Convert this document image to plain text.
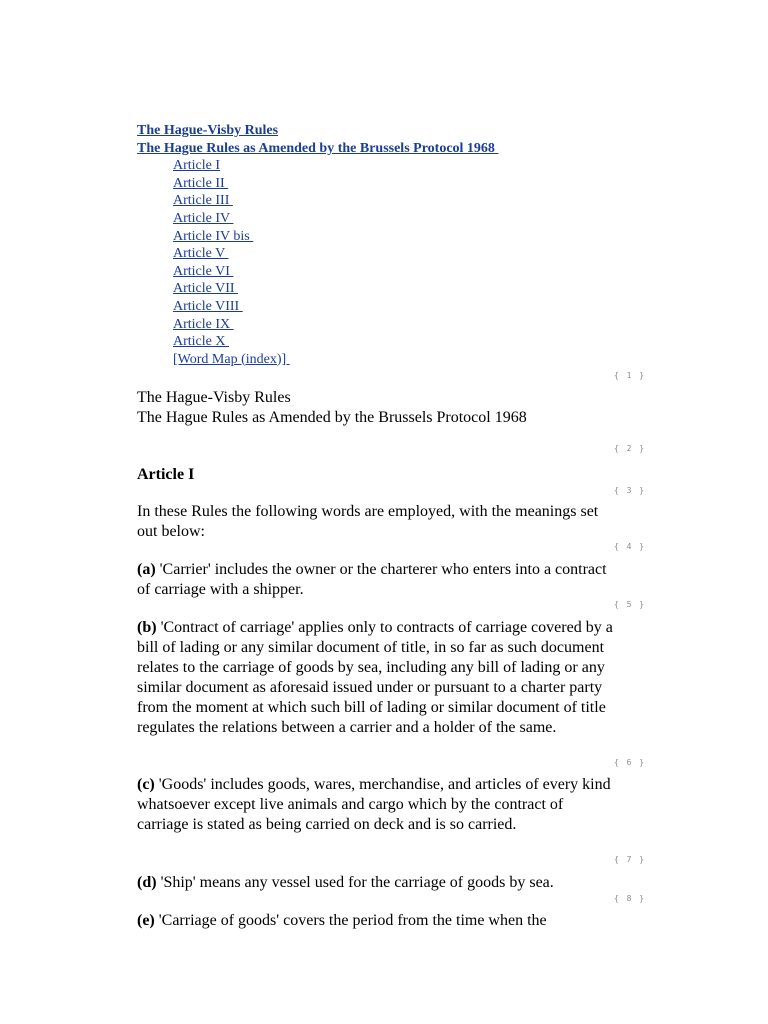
The Hague-Visby Rules
The Hague Rules as Amended by the Brussels Protocol 1968
Article I
Article II
Article III
Article IV
Article IV bis
Article V
Article VI
Article VII
Article VIII
Article IX
Article X
[Word Map (index)]
{ 1 }
{ 2 }
{ 3 }
{ 4 }
{ 5 }
{ 6 }
{ 7 }
{ 8 }
The Hague-Visby Rules
The Hague Rules as Amended by the Brussels Protocol 1968
Article I
In these Rules the following words are employed, with the meanings set out below:
(a) 'Carrier' includes the owner or the charterer who enters into a contract of carriage with a shipper.
(b) 'Contract of carriage' applies only to contracts of carriage covered by a bill of lading or any similar document of title, in so far as such document relates to the carriage of goods by sea, including any bill of lading or any similar document as aforesaid issued under or pursuant to a charter party from the moment at which such bill of lading or similar document of title regulates the relations between a carrier and a holder of the same.
(c) 'Goods' includes goods, wares, merchandise, and articles of every kind whatsoever except live animals and cargo which by the contract of carriage is stated as being carried on deck and is so carried.
(d) 'Ship' means any vessel used for the carriage of goods by sea.
(e) 'Carriage of goods' covers the period from the time when the
